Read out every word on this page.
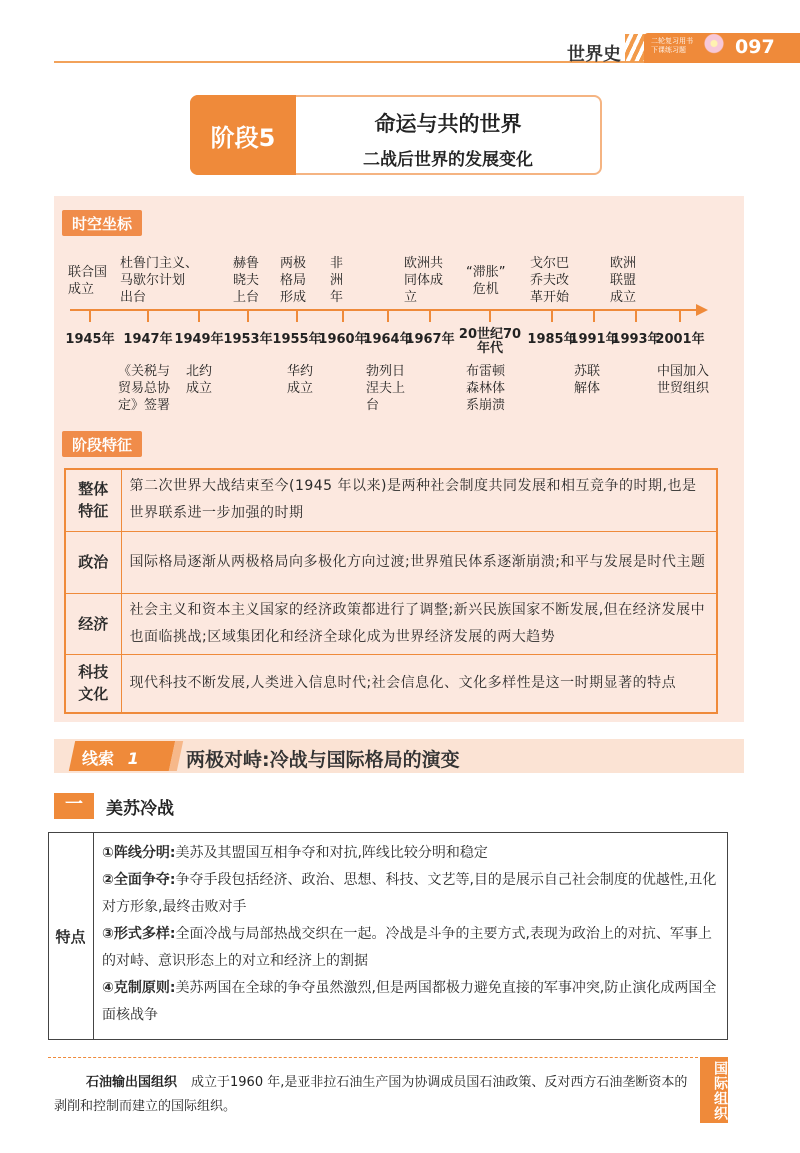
世界史
二轮复习用书 下课练习题	097
阶段5	命运与共的世界
二战后世界的发展变化
时空坐标
1945年 1947年 1949年 1953年 1955年
1960年
1964年
1967年 20世纪70年代
1985年
1991年
1993年
2001年
联合国
成立
杜鲁门主义、
马歇尔计划
出台
赫鲁
晓夫
上台
两极
格局
形成
非
洲
年
欧洲共
同体成
立
“滞胀”
危机
戈尔巴
乔夫改
革开始
欧洲
联盟
成立
《关税与
贸易总协
定》签署
北约
成立
华约
成立
勃列日
涅夫上
台
布雷顿
森林体
系崩溃
苏联
解体
中国加入
世贸组织
阶段特征
整体
特征	第二次世界大战结束至今(1945 年以来)是两种社会制度共同发展和相互竞争的时期,也是世界联系进一步加强的时期
政治	国际格局逐渐从两极格局向多极化方向过渡;世界殖民体系逐渐崩溃;和平与发展是时代主题
经济	社会主义和资本主义国家的经济政策都进行了调整;新兴民族国家不断发展,但在经济发展中也面临挑战;区域集团化和经济全球化成为世界经济发展的两大趋势
科技
文化	现代科技不断发展,人类进入信息时代;社会信息化、文化多样性是这一时期显著的特点
线索 1 两极对峙:冷战与国际格局的演变
一	美苏冷战
特点
①阵线分明:美苏及其盟国互相争夺和对抗,阵线比较分明和稳定
②全面争夺:争夺手段包括经济、政治、思想、科技、文艺等,目的是展示自己社会制度的优越性,丑化对方形象,最终击败对手
③形式多样:全面冷战与局部热战交织在一起。冷战是斗争的主要方式,表现为政治上的对抗、军事上的对峙、意识形态上的对立和经济上的割据
④克制原则:美苏两国在全球的争夺虽然激烈,但是两国都极力避免直接的军事冲突,防止演化成两国全面核战争
石油输出国组织 成立于1960 年,是亚非拉石油生产国为协调成员国石油政策、反对西方石油垄断资本的剥削和控制而建立的国际组织。	国际组织
